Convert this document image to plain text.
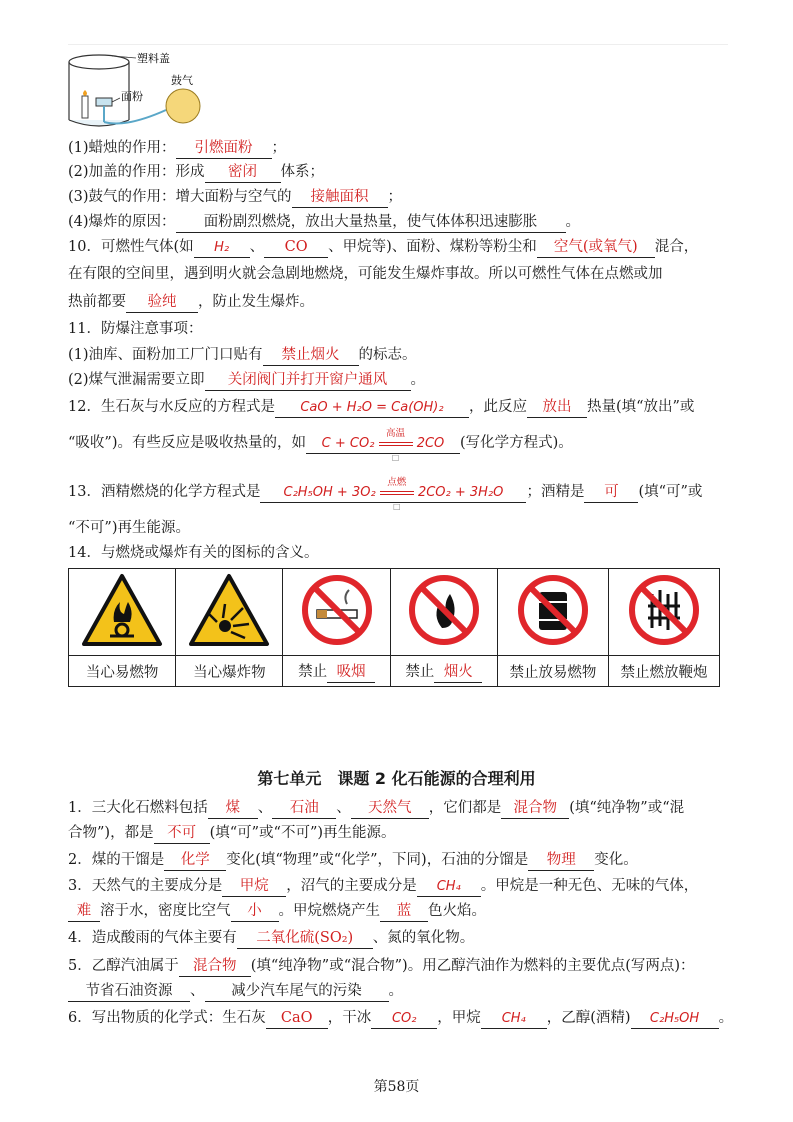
塑料盖
面粉
鼓气
(1)蜡烛的作用： 引燃面粉 ；
(2)加盖的作用：形成 密闭 体系；
(3)鼓气的作用：增大面粉与空气的 接触面积 ；
(4)爆炸的原因： 面粉剧烈燃烧，放出大量热量，使气体体积迅速膨胀 。
10．可燃性气体(如 H₂ 、 CO 、甲烷等)、面粉、煤粉等粉尘和 空气(或氧气) 混合，
在有限的空间里，遇到明火就会急剧地燃烧，可能发生爆炸事故。所以可燃性气体在点燃或加
热前都要 验纯 ，防止发生爆炸。
11．防爆注意事项：
(1)油库、面粉加工厂门口贴有 禁止烟火 的标志。
(2)煤气泄漏需要立即 关闭阀门并打开窗户通风 。
12．生石灰与水反应的方程式是 CaO + H₂O = Ca(OH)₂ ，此反应 放出 热量(填“放出”或
“吸收”)。有些反应是吸收热量的，如 C + CO₂
高温
□
2CO (写化学方程式)。
13．酒精燃烧的化学方程式是 C₂H₅OH + 3O₂
点燃
□
2CO₂ + 3H₂O ；酒精是 可 (填“可”或
“不可”)再生能源。
14．与燃烧或爆炸有关的图标的含义。

当心易燃物	当心爆炸物	禁止 吸烟	禁止 烟火	禁止放易燃物	禁止燃放鞭炮
第七单元　课题 2 化石能源的合理利用
1．三大化石燃料包括 煤 、 石油 、 天然气 ，它们都是 混合物 (填“纯净物”或“混
合物”)，都是 不可 (填“可”或“不可”)再生能源。
2．煤的干馏是 化学 变化(填“物理”或“化学”，下同)，石油的分馏是 物理 变化。
3．天然气的主要成分是 甲烷 ，沼气的主要成分是 CH₄ 。甲烷是一种无色、无味的气体，
难 溶于水，密度比空气 小 。甲烷燃烧产生 蓝 色火焰。
4．造成酸雨的气体主要有 二氧化硫(SO₂) 、氮的氧化物。
5．乙醇汽油属于 混合物 (填“纯净物”或“混合物”)。用乙醇汽油作为燃料的主要优点(写两点)：
节省石油资源 、 减少汽车尾气的污染 。
6．写出物质的化学式：生石灰 CaO ，干冰 CO₂ ，甲烷 CH₄ ，乙醇(酒精) C₂H₅OH 。
第58页
